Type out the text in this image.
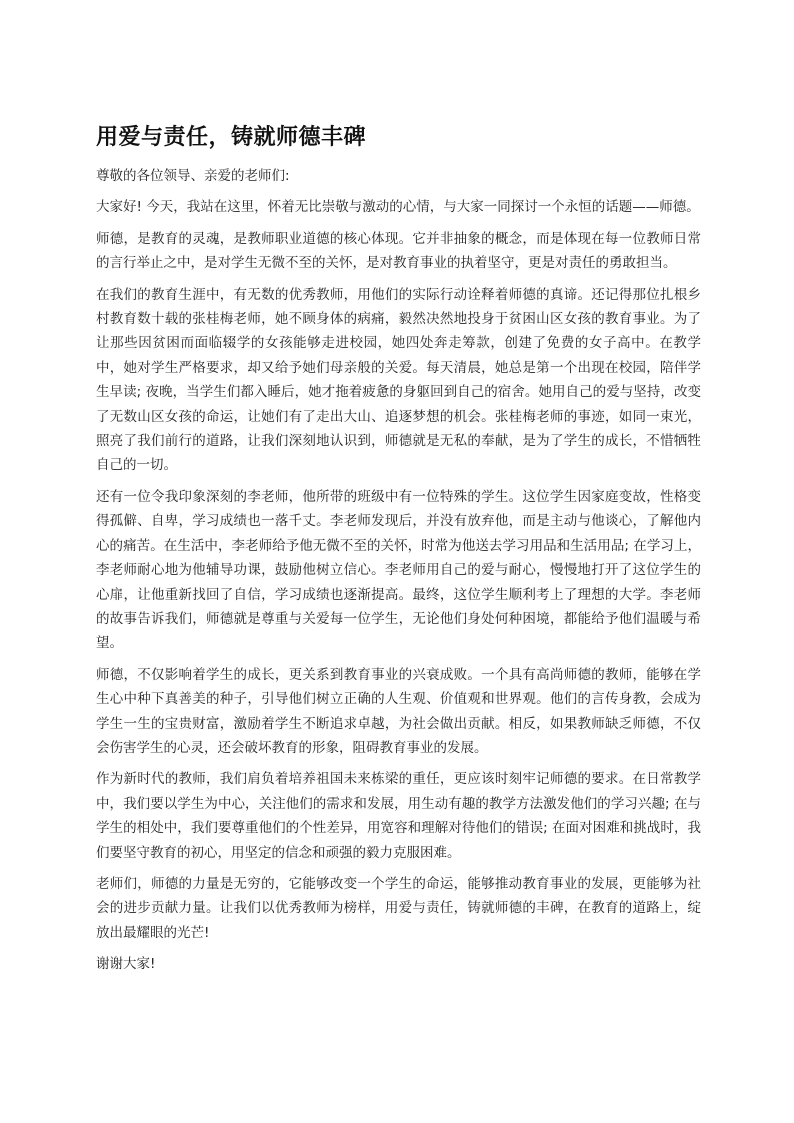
用爱与责任，铸就师德丰碑

尊敬的各位领导、亲爱的老师们:

大家好! 今天，我站在这里，怀着无比崇敬与激动的心情，与大家一同探讨一个永恒的话题——师德。

师德，是教育的灵魂，是教师职业道德的核心体现。它并非抽象的概念，而是体现在每一位教师日常的言行举止之中，是对学生无微不至的关怀，是对教育事业的执着坚守，更是对责任的勇敢担当。

在我们的教育生涯中，有无数的优秀教师，用他们的实际行动诠释着师德的真谛。还记得那位扎根乡村教育数十载的张桂梅老师，她不顾身体的病痛，毅然决然地投身于贫困山区女孩的教育事业。为了让那些因贫困而面临辍学的女孩能够走进校园，她四处奔走筹款，创建了免费的女子高中。在教学中，她对学生严格要求，却又给予她们母亲般的关爱。每天清晨，她总是第一个出现在校园，陪伴学生早读; 夜晚，当学生们都入睡后，她才拖着疲惫的身躯回到自己的宿舍。她用自己的爱与坚持，改变了无数山区女孩的命运，让她们有了走出大山、追逐梦想的机会。张桂梅老师的事迹，如同一束光，照亮了我们前行的道路，让我们深刻地认识到，师德就是无私的奉献，是为了学生的成长，不惜牺牲自己的一切。

还有一位令我印象深刻的李老师，他所带的班级中有一位特殊的学生。这位学生因家庭变故，性格变得孤僻、自卑，学习成绩也一落千丈。李老师发现后，并没有放弃他，而是主动与他谈心，了解他内心的痛苦。在生活中，李老师给予他无微不至的关怀，时常为他送去学习用品和生活用品; 在学习上，李老师耐心地为他辅导功课，鼓励他树立信心。李老师用自己的爱与耐心，慢慢地打开了这位学生的心扉，让他重新找回了自信，学习成绩也逐渐提高。最终，这位学生顺利考上了理想的大学。李老师的故事告诉我们，师德就是尊重与关爱每一位学生，无论他们身处何种困境，都能给予他们温暖与希望。

师德，不仅影响着学生的成长，更关系到教育事业的兴衰成败。一个具有高尚师德的教师，能够在学生心中种下真善美的种子，引导他们树立正确的人生观、价值观和世界观。他们的言传身教，会成为学生一生的宝贵财富，激励着学生不断追求卓越，为社会做出贡献。相反，如果教师缺乏师德，不仅会伤害学生的心灵，还会破坏教育的形象，阻碍教育事业的发展。

作为新时代的教师，我们肩负着培养祖国未来栋梁的重任，更应该时刻牢记师德的要求。在日常教学中，我们要以学生为中心，关注他们的需求和发展，用生动有趣的教学方法激发他们的学习兴趣; 在与学生的相处中，我们要尊重他们的个性差异，用宽容和理解对待他们的错误; 在面对困难和挑战时，我们要坚守教育的初心，用坚定的信念和顽强的毅力克服困难。

老师们，师德的力量是无穷的，它能够改变一个学生的命运，能够推动教育事业的发展，更能够为社会的进步贡献力量。让我们以优秀教师为榜样，用爱与责任，铸就师德的丰碑，在教育的道路上，绽放出最耀眼的光芒!

谢谢大家!
